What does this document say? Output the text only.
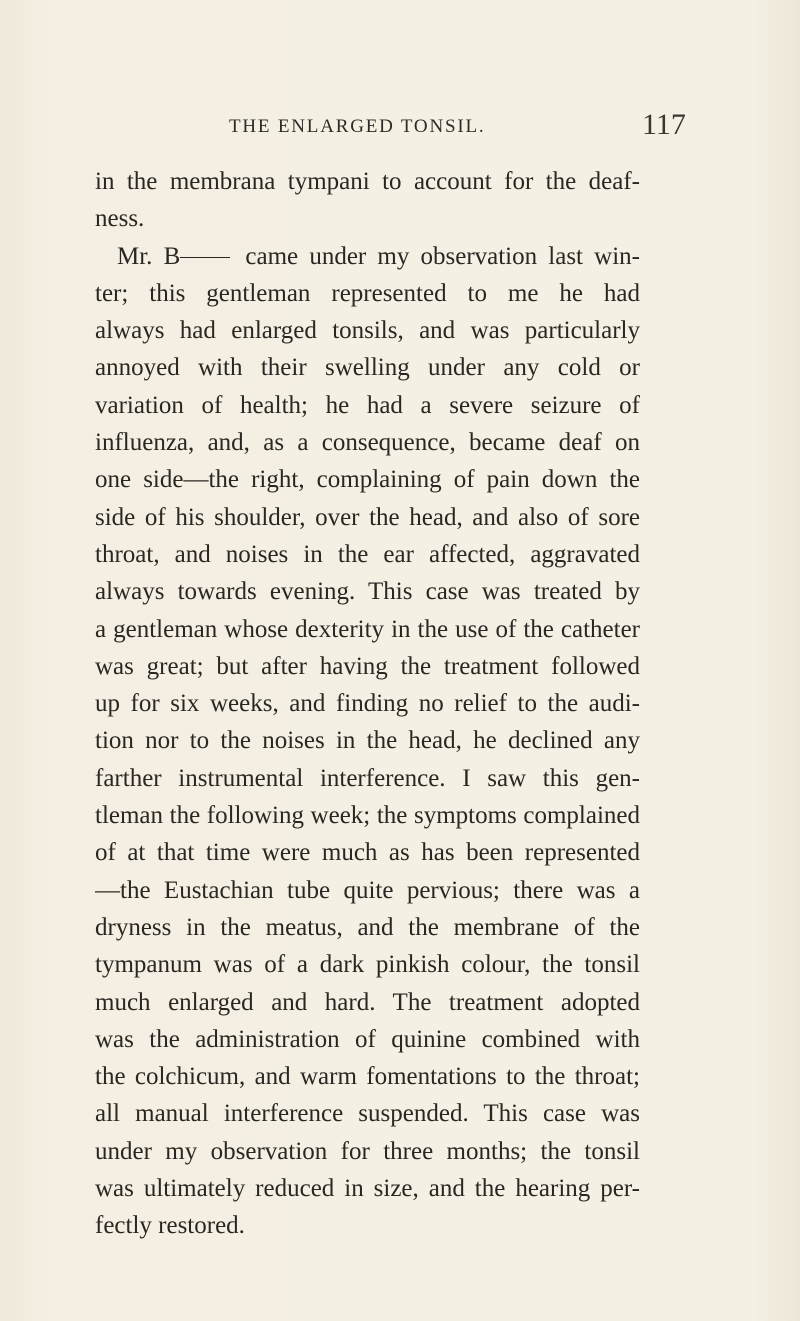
THE ENLARGED TONSIL.	117
in the membrana tympani to account for the deaf-
ness.
Mr. B	came under my observation last win-
ter; this gentleman represented to me he had
always had enlarged tonsils, and was particularly
annoyed with their swelling under any cold or
variation of health; he had a severe seizure of
influenza, and, as a consequence, became deaf on
one side—the right, complaining of pain down the
side of his shoulder, over the head, and also of sore
throat, and noises in the ear affected, aggravated
always towards evening. This case was treated by
a gentleman whose dexterity in the use of the catheter
was great; but after having the treatment followed
up for six weeks, and finding no relief to the audi-
tion nor to the noises in the head, he declined any
farther instrumental interference. I saw this gen-
tleman the following week; the symptoms complained
of at that time were much as has been represented
—the Eustachian tube quite pervious; there was a
dryness in the meatus, and the membrane of the
tympanum was of a dark pinkish colour, the tonsil
much enlarged and hard. The treatment adopted
was the administration of quinine combined with
the colchicum, and warm fomentations to the throat;
all manual interference suspended. This case was
under my observation for three months; the tonsil
was ultimately reduced in size, and the hearing per-
fectly restored.
